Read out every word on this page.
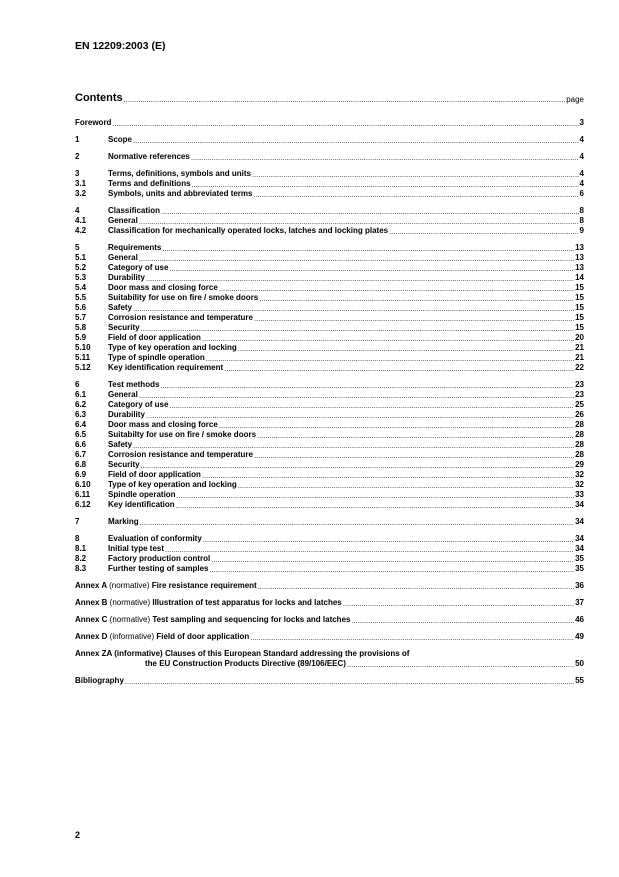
EN 12209:2003 (E)
Contents .....	page
Foreword .....	3
1	Scope .....	4
2	Normative references .....	4
3	Terms, definitions, symbols and units .....	4
3.1	Terms and definitions .....	4
3.2	Symbols, units and abbreviated terms .....	6
4	Classification .....	8
4.1	General .....	8
4.2	Classification for mechanically operated locks, latches and locking plates .....	9
5	Requirements .....	13
5.1	General .....	13
5.2	Category of use .....	13
5.3	Durability .....	14
5.4	Door mass and closing force .....	15
5.5	Suitability for use on fire / smoke doors .....	15
5.6	Safety .....	15
5.7	Corrosion resistance and temperature .....	15
5.8	Security .....	15
5.9	Field of door application .....	20
5.10	Type of key operation and locking .....	21
5.11	Type of spindle operation .....	21
5.12	Key identification requirement .....	22
6	Test methods .....	23
6.1	General .....	23
6.2	Category of use .....	25
6.3	Durability .....	26
6.4	Door mass and closing force .....	28
6.5	Suitabilty for use on fire / smoke doors .....	28
6.6	Safety .....	28
6.7	Corrosion resistance and temperature .....	28
6.8	Security .....	29
6.9	Field of door application .....	32
6.10	Type of key operation and locking .....	32
6.11	Spindle operation .....	33
6.12	Key identification .....	34
7	Marking .....	34
8	Evaluation of conformity .....	34
8.1	Initial type test .....	34
8.2	Factory production control .....	35
8.3	Further testing of samples .....	35
Annex A (normative) Fire resistance requirement .....	36
Annex B (normative) Illustration of test apparatus for locks and latches .....	37
Annex C (normative) Test sampling and sequencing for locks and latches .....	46
Annex D (informative) Field of door application .....	49
Annex ZA (informative) Clauses of this European Standard addressing the provisions of
the EU Construction Products Directive (89/106/EEC) .....	50
Bibliography .....	55
2
